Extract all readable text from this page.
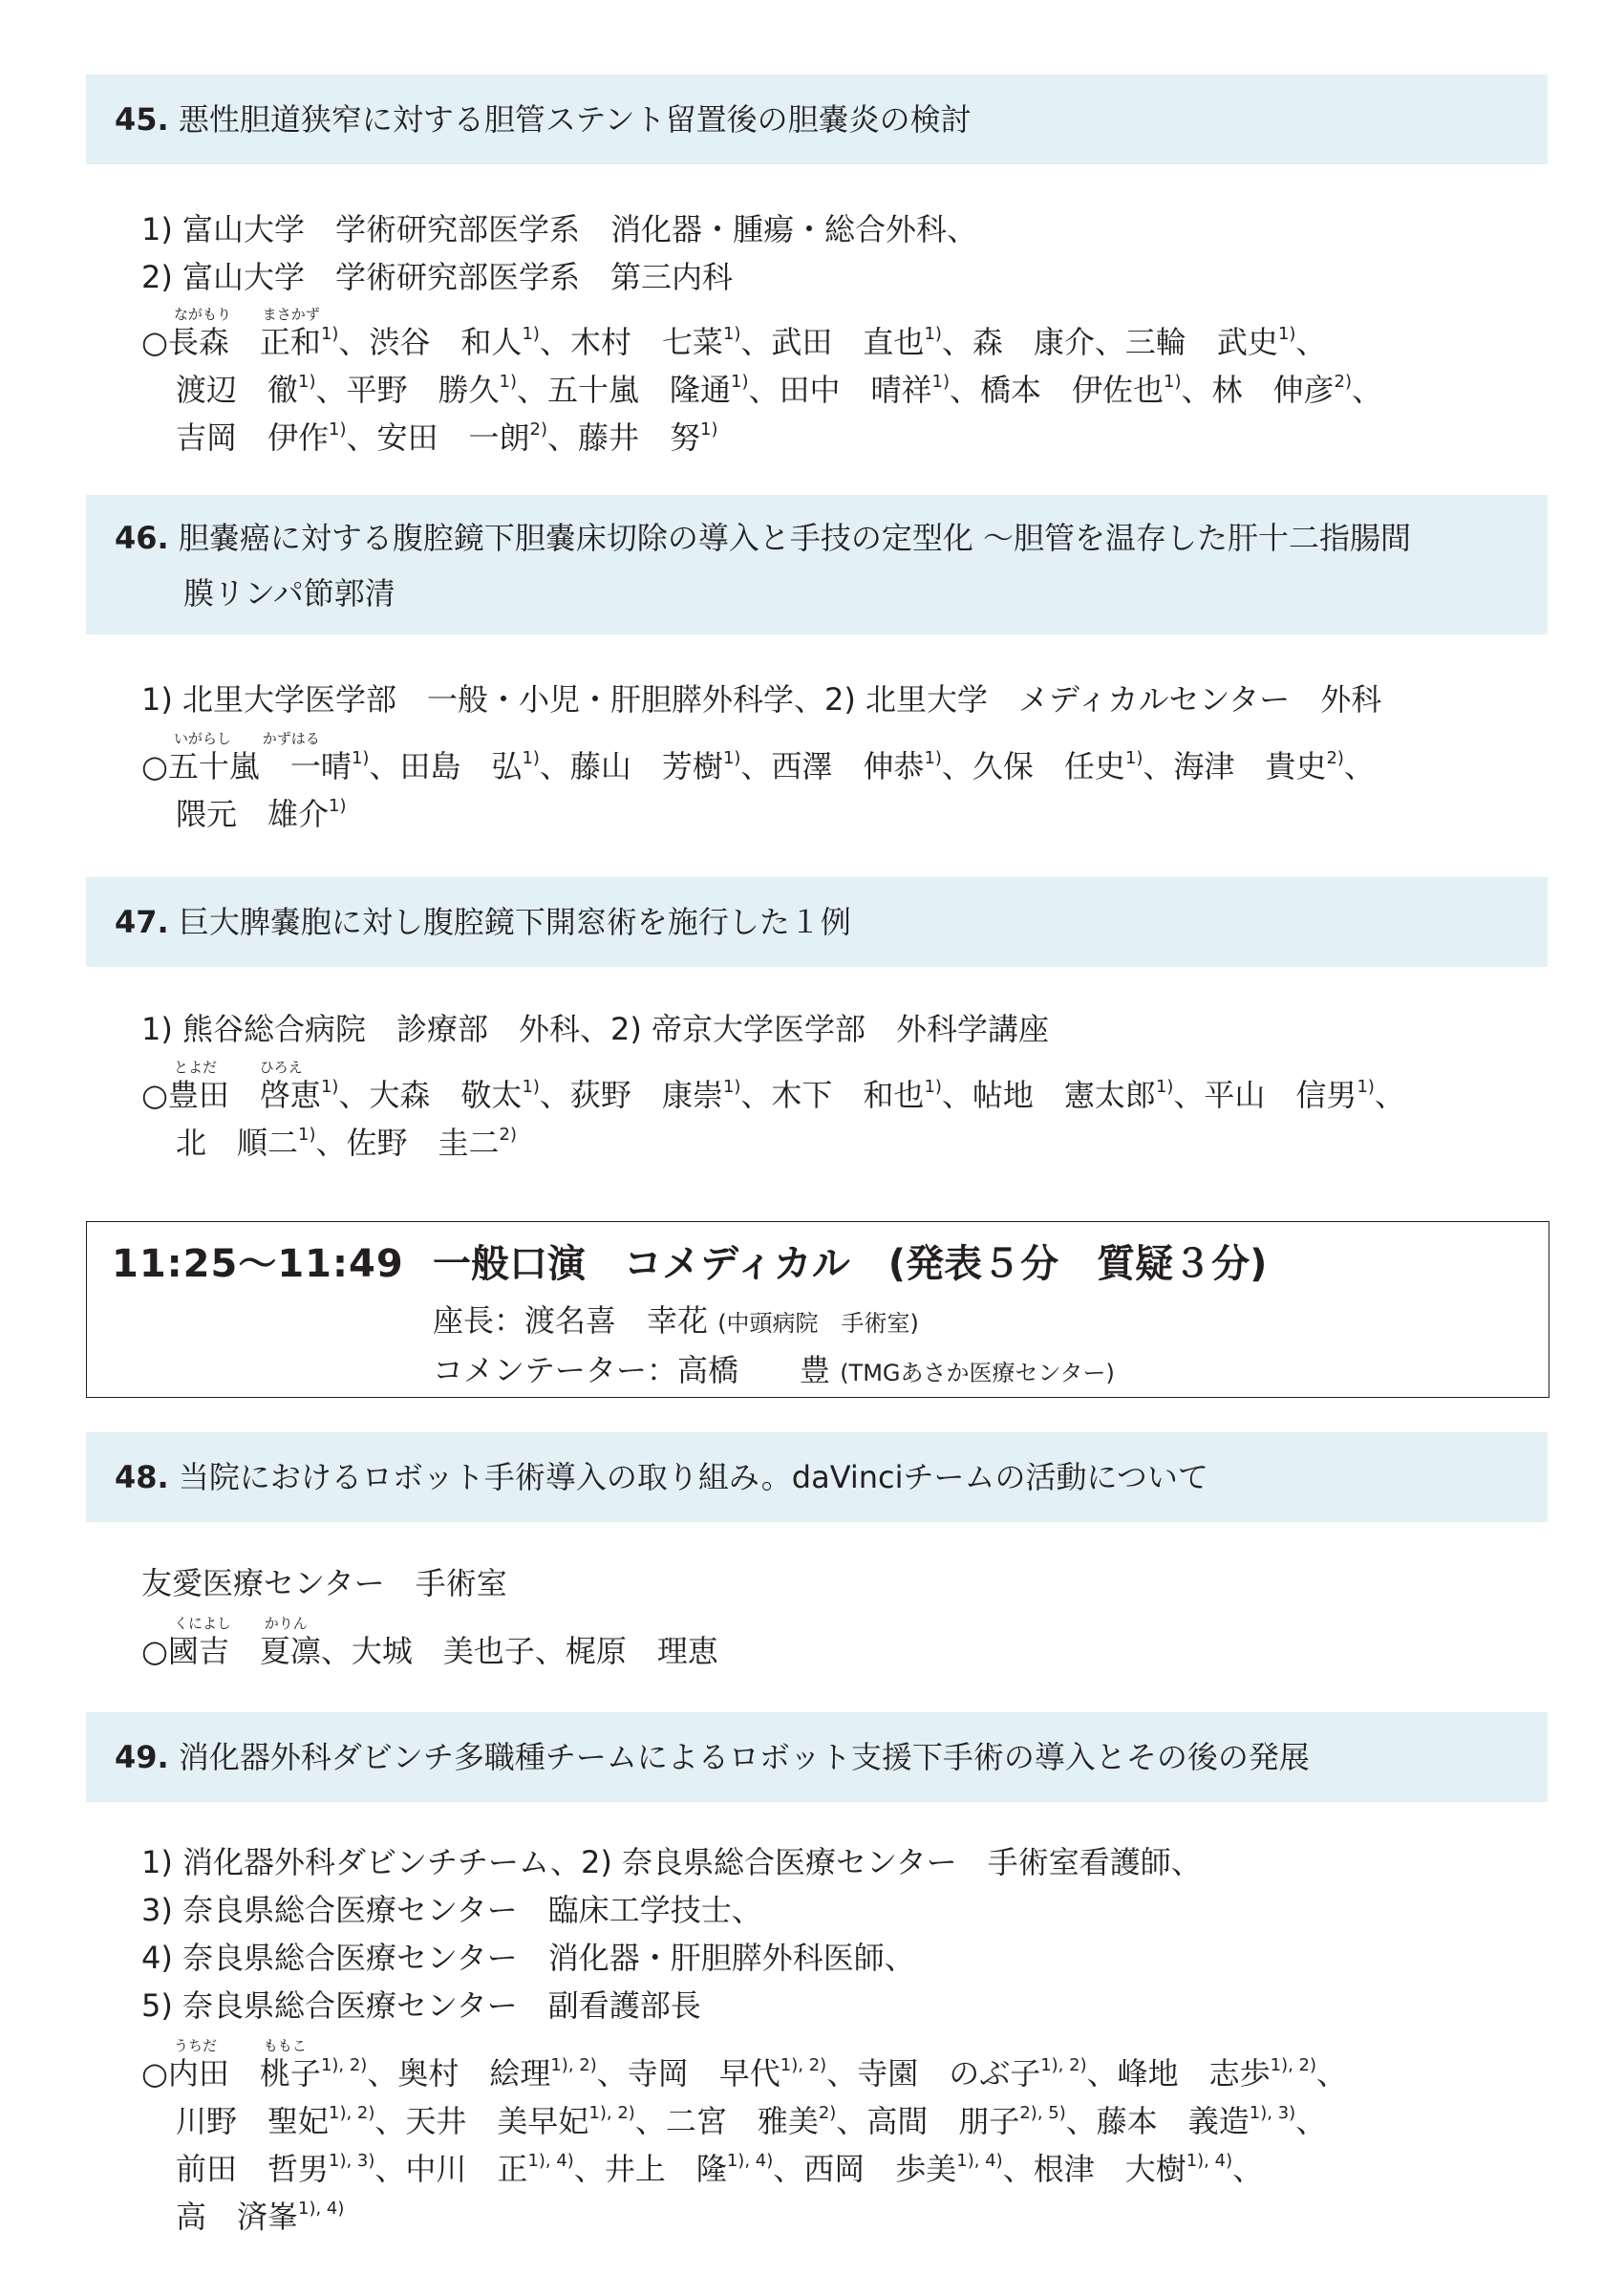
45. 悪性胆道狭窄に対する胆管ステント留置後の胆嚢炎の検討
1) 富山大学　学術研究部医学系　消化器・腫瘍・総合外科、
2) 富山大学　学術研究部医学系　第三内科
ながもり まさかず
○長森　正和$^{1)}$、渋谷　和人$^{1)}$、木村　七菜$^{1)}$、武田　直也$^{1)}$、森　康介、三輪　武史$^{1)}$、
渡辺　徹$^{1)}$、平野　勝久$^{1)}$、五十嵐　隆通$^{1)}$、田中　晴祥$^{1)}$、橋本　伊佐也$^{1)}$、林　伸彦$^{2)}$、
吉岡　伊作$^{1)}$、安田　一朗$^{2)}$、藤井　努$^{1)}$
46. 胆嚢癌に対する腹腔鏡下胆嚢床切除の導入と手技の定型化 ～胆管を温存した肝十二指腸間
膜リンパ節郭清
1) 北里大学医学部　一般・小児・肝胆膵外科学、2) 北里大学　メディカルセンター　外科
いがらし かずはる
○五十嵐　一晴$^{1)}$、田島　弘$^{1)}$、藤山　芳樹$^{1)}$、西澤　伸恭$^{1)}$、久保　任史$^{1)}$、海津　貴史$^{2)}$、
隈元　雄介$^{1)}$
47. 巨大脾嚢胞に対し腹腔鏡下開窓術を施行した１例
1) 熊谷総合病院　診療部　外科、2) 帝京大学医学部　外科学講座
とよだ	ひろえ
○豊田　啓恵$^{1)}$、大森　敬太$^{1)}$、荻野　康崇$^{1)}$、木下　和也$^{1)}$、帖地　憲太郎$^{1)}$、平山　信男$^{1)}$、
北　順二$^{1)}$、佐野　圭二$^{2)}$
11:25～11:49 一般口演　コメディカル　(発表５分　質疑３分)
座長：渡名喜　幸花 (中頭病院　手術室)
コメンテーター：高橋　　豊 (TMGあさか医療センター)
48. 当院におけるロボット手術導入の取り組み。daVinciチームの活動について
友愛医療センター　手術室
くによし かりん
○國吉　夏凛、大城　美也子、梶原　理恵
49. 消化器外科ダビンチ多職種チームによるロボット支援下手術の導入とその後の発展
1) 消化器外科ダビンチチーム、2) 奈良県総合医療センター　手術室看護師、
3) 奈良県総合医療センター　臨床工学技士、
4) 奈良県総合医療センター　消化器・肝胆膵外科医師、
5) 奈良県総合医療センター　副看護部長
うちだ	ももこ
○内田　桃子$^{1), 2)}$、奥村　絵理$^{1), 2)}$、寺岡　早代$^{1), 2)}$、寺園　のぶ子$^{1), 2)}$、峰地　志歩$^{1), 2)}$、
川野　聖妃$^{1), 2)}$、天井　美早妃$^{1), 2)}$、二宮　雅美$^{2)}$、高間　朋子$^{2), 5)}$、藤本　義造$^{1), 3)}$、
前田　哲男$^{1), 3)}$、中川　正$^{1), 4)}$、井上　隆$^{1), 4)}$、西岡　歩美$^{1), 4)}$、根津　大樹$^{1), 4)}$、
高　済峯$^{1), 4)}$
